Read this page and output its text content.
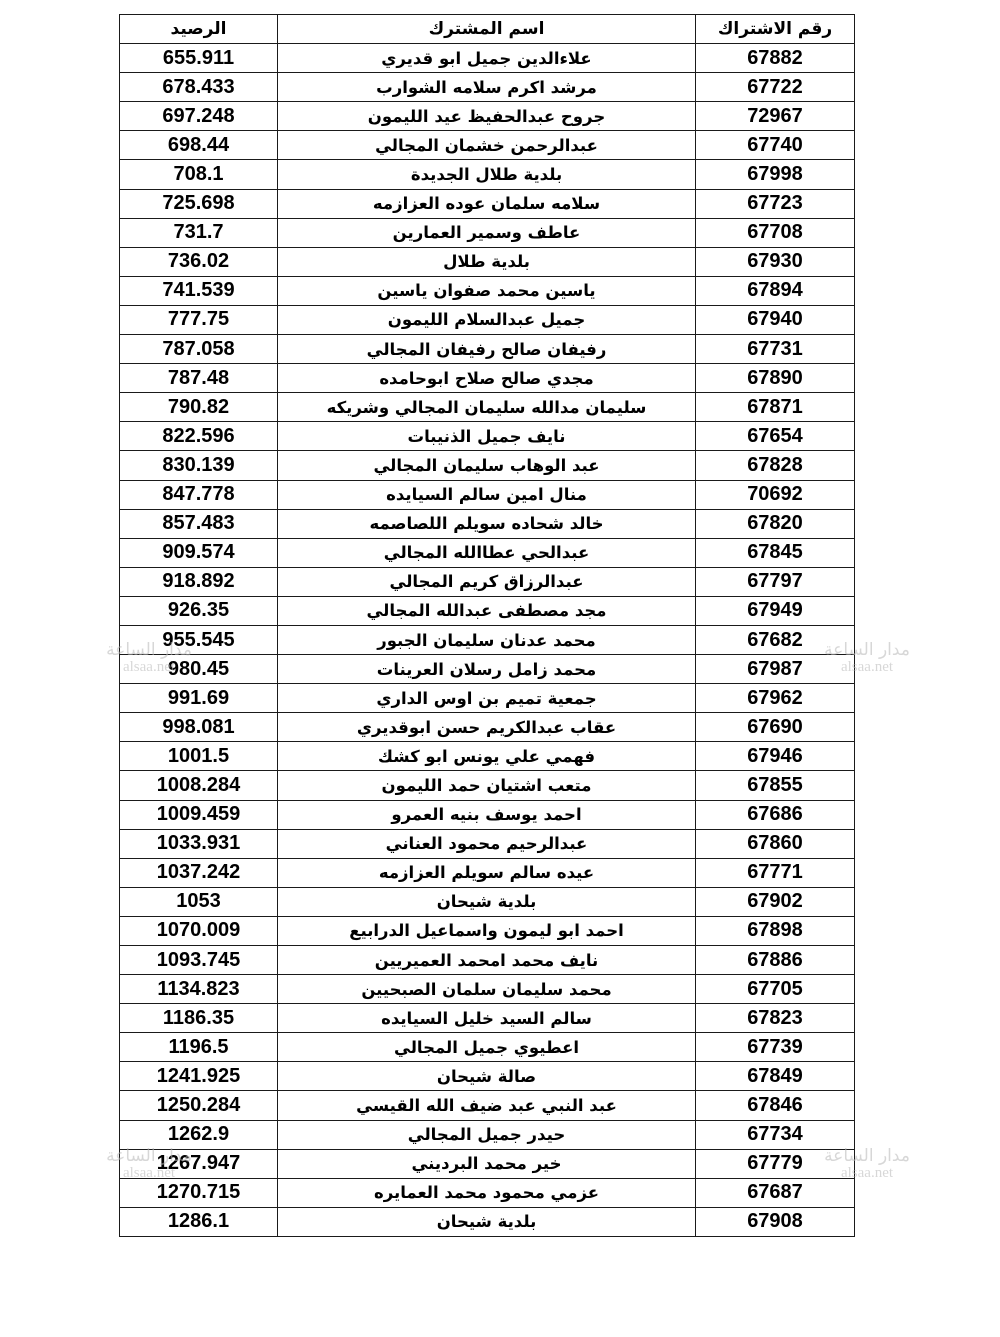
رقم الاشتراك	اسم المشترك	الرصيد
67882	علاءالدين جميل ابو قديري	655.911
67722	مرشد اكرم سلامه الشوارب	678.433
72967	جروح عبدالحفيظ عيد الليمون	697.248
67740	عبدالرحمن خشمان المجالي	698.44
67998	بلدية طلال الجديدة	708.1
67723	سلامه سلمان عوده العزازمه	725.698
67708	عاطف وسمير العمارين	731.7
67930	بلدية طلال	736.02
67894	ياسين محمد صفوان ياسين	741.539
67940	جميل عبدالسلام الليمون	777.75
67731	رفيفان صالح رفيفان المجالي	787.058
67890	مجدي صالح صلاح ابوحامده	787.48
67871	سليمان مدالله سليمان المجالي وشريكه	790.82
67654	نايف جميل الذنيبات	822.596
67828	عبد الوهاب سليمان المجالي	830.139
70692	منال امين سالم السيايده	847.778
67820	خالد شحاده سويلم اللصاصمه	857.483
67845	عبدالحي عطاالله المجالي	909.574
67797	عبدالرزاق كريم المجالي	918.892
67949	مجد مصطفى عبدالله المجالي	926.35
67682	محمد عدنان سليمان الجبور	955.545
67987	محمد زامل رسلان العرينات	980.45
67962	جمعية تميم بن اوس الداري	991.69
67690	عقاب عبدالكريم حسن ابوقديري	998.081
67946	فهمي علي يونس ابو كشك	1001.5
67855	متعب اشتيان حمد الليمون	1008.284
67686	احمد يوسف بنيه العمرو	1009.459
67860	عبدالرحيم محمود العناني	1033.931
67771	عيده سالم سويلم العزازمه	1037.242
67902	بلدية شيحان	1053
67898	احمد ابو ليمون واسماعيل الدرابيع	1070.009
67886	نايف محمد امحمد العميريين	1093.745
67705	محمد سليمان سلمان الصبحيين	1134.823
67823	سالم السيد خليل السيايده	1186.35
67739	اعطيوي جميل المجالي	1196.5
67849	صالة شيحان	1241.925
67846	عبد النبي عبد ضيف الله القيسي	1250.284
67734	حيدر جميل المجالي	1262.9
67779	خير محمد البرديني	1267.947
67687	عزمي محمود محمد العمايره	1270.715
67908	بلدية شيحان	1286.1
مدار الساعة
alsaa.net
مدار الساعة
alsaa.net
مدار الساعة
alsaa.net
مدار الساعة
alsaa.net
